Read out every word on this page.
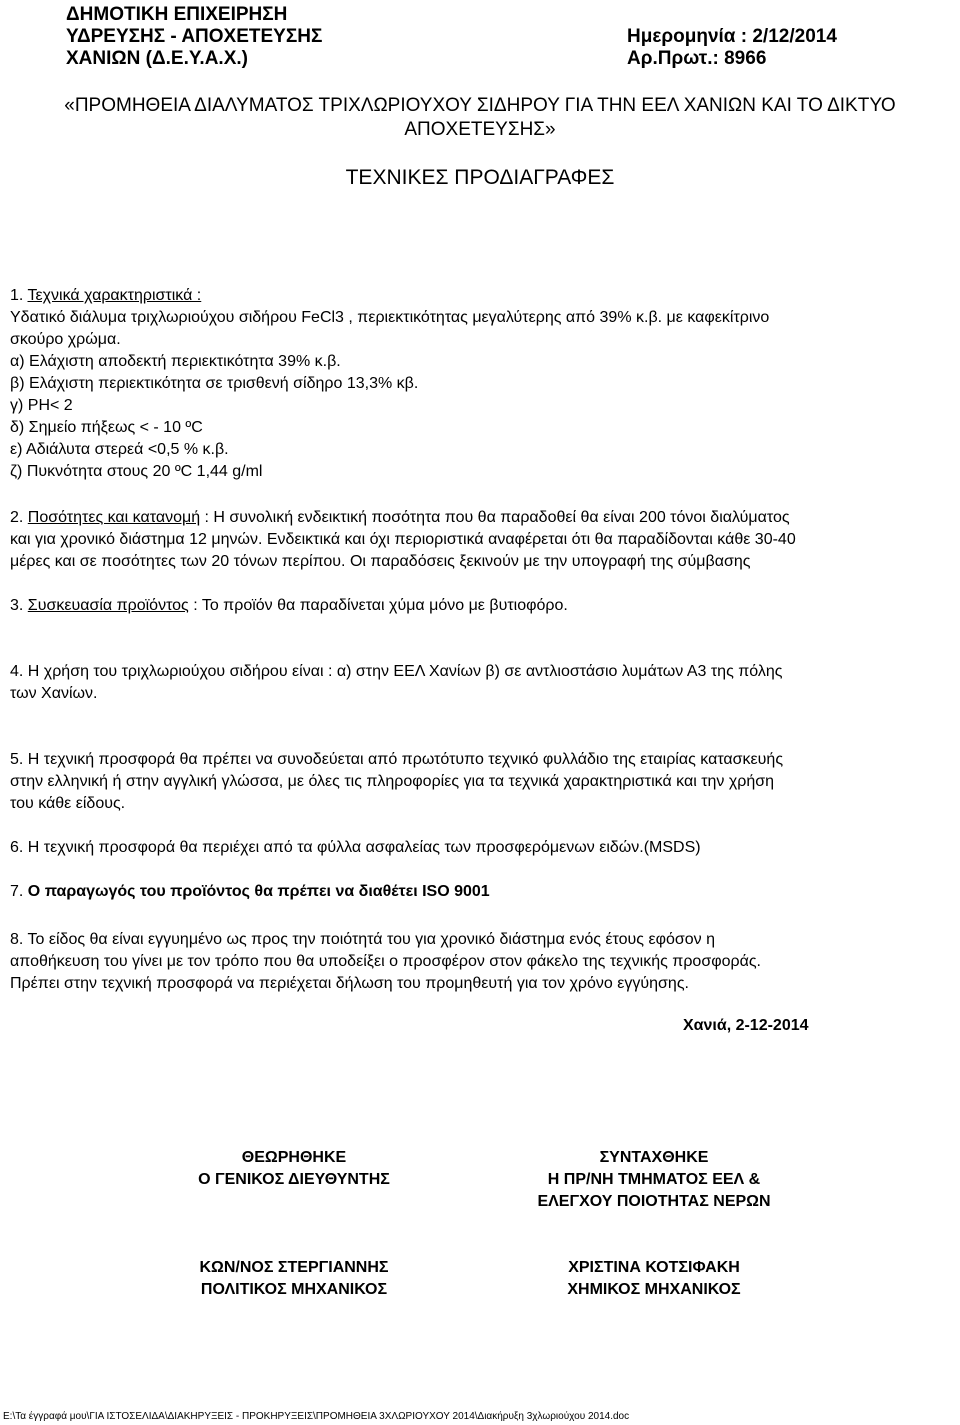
ΔΗΜΟΤΙΚΗ ΕΠΙΧΕΙΡΗΣΗ
ΥΔΡΕΥΣΗΣ - ΑΠΟΧΕΤΕΥΣΗΣ
ΧΑΝΙΩΝ (Δ.Ε.Υ.Α.Χ.)
Ημερομηνία : 2/12/2014
Αρ.Πρωτ.: 8966
«ΠΡΟΜΗΘΕΙΑ ΔΙΑΛΥΜΑΤΟΣ ΤΡΙΧΛΩΡΙΟΥΧΟΥ ΣΙΔΗΡΟΥ ΓΙΑ ΤΗΝ ΕΕΛ ΧΑΝΙΩΝ ΚΑΙ ΤΟ ΔΙΚΤΥΟ
ΑΠΟΧΕΤΕΥΣΗΣ»
ΤΕΧΝΙΚΕΣ ΠΡΟΔΙΑΓΡΑΦΕΣ
1. Τεχνικά χαρακτηριστικά :
Υδατικό διάλυμα τριχλωριούχου σιδήρου FeCl3 , περιεκτικότητας μεγαλύτερης από 39% κ.β. με καφεκίτρινο
σκούρο χρώμα.
α) Ελάχιστη αποδεκτή περιεκτικότητα 39% κ.β.
β) Ελάχιστη περιεκτικότητα σε τρισθενή σίδηρο 13,3% κβ.
γ) PH< 2
δ) Σημείο πήξεως < - 10 ºC
ε) Αδιάλυτα στερεά <0,5 % κ.β.
ζ) Πυκνότητα στους 20 ºC 1,44 g/ml
2. Ποσότητες και κατανομή : Η συνολική ενδεικτική ποσότητα που θα παραδοθεί θα είναι 200 τόνοι διαλύματος
και για χρονικό διάστημα 12 μηνών. Ενδεικτικά και όχι περιοριστικά αναφέρεται ότι θα παραδίδονται κάθε 30-40
μέρες και σε ποσότητες των 20 τόνων περίπου. Οι παραδόσεις ξεκινούν με την υπογραφή της σύμβασης
3. Συσκευασία προϊόντος : Το προϊόν θα παραδίνεται χύμα μόνο με βυτιοφόρο.
4. Η χρήση του τριχλωριούχου σιδήρου είναι : α) στην ΕΕΛ Χανίων β) σε αντλιοστάσιο λυμάτων Α3 της πόλης
των Χανίων.
5. Η τεχνική προσφορά θα πρέπει να συνοδεύεται από πρωτότυπο τεχνικό φυλλάδιο της εταιρίας κατασκευής
στην ελληνική ή στην αγγλική γλώσσα, με όλες τις πληροφορίες για τα τεχνικά χαρακτηριστικά και την χρήση
του κάθε είδους.
6. Η τεχνική προσφορά θα περιέχει από τα φύλλα ασφαλείας των προσφερόμενων ειδών.(MSDS)
7. Ο παραγωγός του προϊόντος θα πρέπει να διαθέτει ISO 9001
8. Το είδος θα είναι εγγυημένο ως προς την ποιότητά του για χρονικό διάστημα ενός έτους εφόσον η
αποθήκευση του γίνει με τον τρόπο που θα υποδείξει ο προσφέρον στον φάκελο της τεχνικής προσφοράς.
Πρέπει στην τεχνική προσφορά να περιέχεται δήλωση του προμηθευτή για τον χρόνο εγγύησης.
Χανιά, 2-12-2014
ΘΕΩΡΗΘΗΚΕ
Ο ΓΕΝΙΚΟΣ ΔΙΕΥΘΥΝΤΗΣ
ΚΩΝ/ΝΟΣ ΣΤΕΡΓΙΑΝΝΗΣ
ΠΟΛΙΤΙΚΟΣ ΜΗΧΑΝΙΚΟΣ
ΣΥΝΤΑΧΘΗΚΕ
Η ΠΡ/ΝΗ ΤΜΗΜΑΤΟΣ ΕΕΛ &
ΕΛΕΓΧΟΥ ΠΟΙΟΤΗΤΑΣ ΝΕΡΩΝ
ΧΡΙΣΤΙΝΑ ΚΟΤΣΙΦΑΚΗ
ΧΗΜΙΚΟΣ ΜΗΧΑΝΙΚΟΣ
E:\Τα έγγραφά μου\ΓΙΑ ΙΣΤΟΣΕΛΙΔΑ\ΔΙΑΚΗΡΥΞΕΙΣ - ΠΡΟΚΗΡΥΞΕΙΣ\ΠΡΟΜΗΘΕΙΑ 3ΧΛΩΡΙΟΥΧΟΥ 2014\Διακήρυξη 3χλωριούχου 2014.doc
